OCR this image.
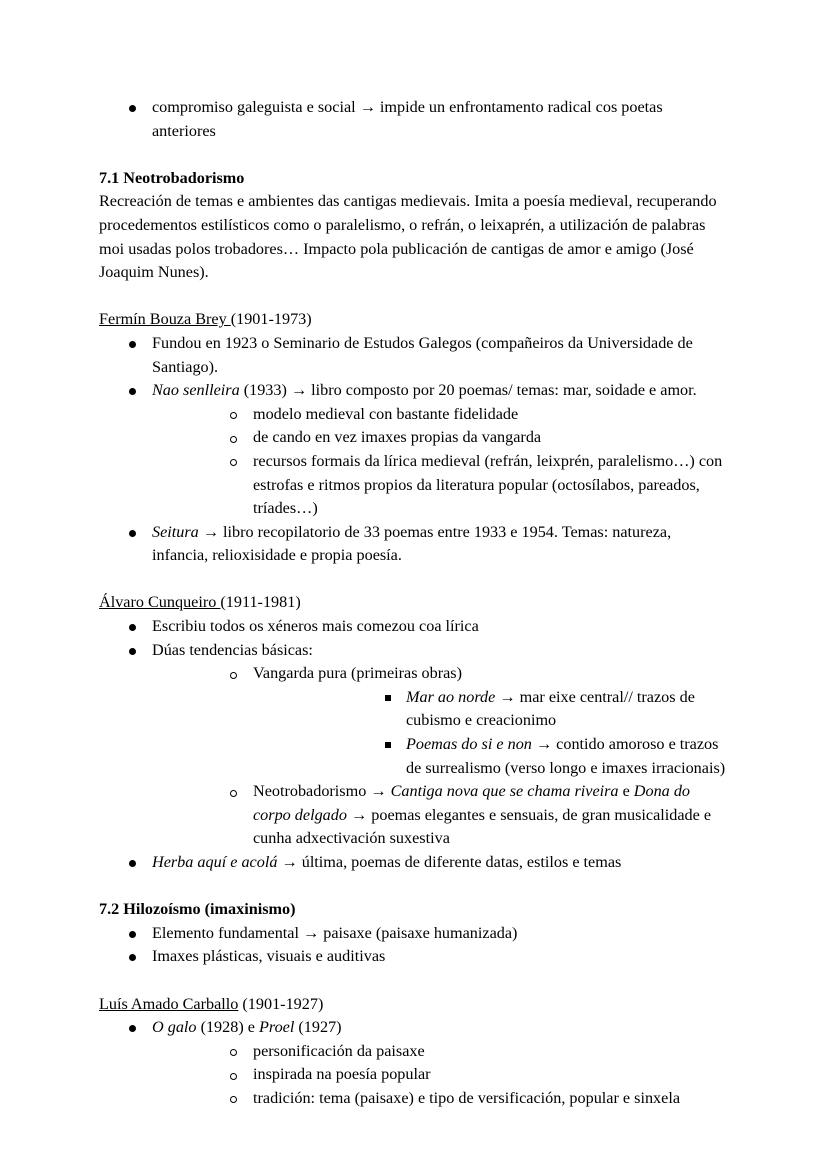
compromiso galeguista e social → impide un enfrontamento radical cos poetas anteriores

7.1 Neotrobadorismo

Recreación de temas e ambientes das cantigas medievais. Imita a poesía medieval, recuperando procedementos estilísticos como o paralelismo, o refrán, o leixaprén, a utilización de palabras moi usadas polos trobadores… Impacto pola publicación de cantigas de amor e amigo (José Joaquim Nunes).

Fermín Bouza Brey (1901-1973)

Fundou en 1923 o Seminario de Estudos Galegos (compañeiros da Universidade de Santiago).
Nao senlleira (1933) → libro composto por 20 poemas/ temas: mar, soidade e amor.
modelo medieval con bastante fidelidade
de cando en vez imaxes propias da vangarda
recursos formais da lírica medieval (refrán, leixprén, paralelismo…) con estrofas e ritmos propios da literatura popular (octosílabos, pareados, tríades…)
Seitura → libro recopilatorio de 33 poemas entre 1933 e 1954. Temas: natureza, infancia, relioxisidade e propia poesía.

Álvaro Cunqueiro (1911-1981)

Escribiu todos os xéneros mais comezou coa lírica
Dúas tendencias básicas:
Vangarda pura (primeiras obras)
Mar ao norde → mar eixe central// trazos de cubismo e creacionimo
Poemas do si e non → contido amoroso e trazos de surrealismo (verso longo e imaxes irracionais)
Neotrobadorismo → Cantiga nova que se chama riveira e Dona do corpo delgado → poemas elegantes e sensuais, de gran musicalidade e cunha adxectivación suxestiva
Herba aquí e acolá → última, poemas de diferente datas, estilos e temas

7.2 Hilozoísmo (imaxinismo)

Elemento fundamental → paisaxe (paisaxe humanizada)
Imaxes plásticas, visuais e auditivas

Luís Amado Carballo (1901-1927)

O galo (1928) e Proel (1927)
personificación da paisaxe
inspirada na poesía popular
tradición: tema (paisaxe) e tipo de versificación, popular e sinxela
